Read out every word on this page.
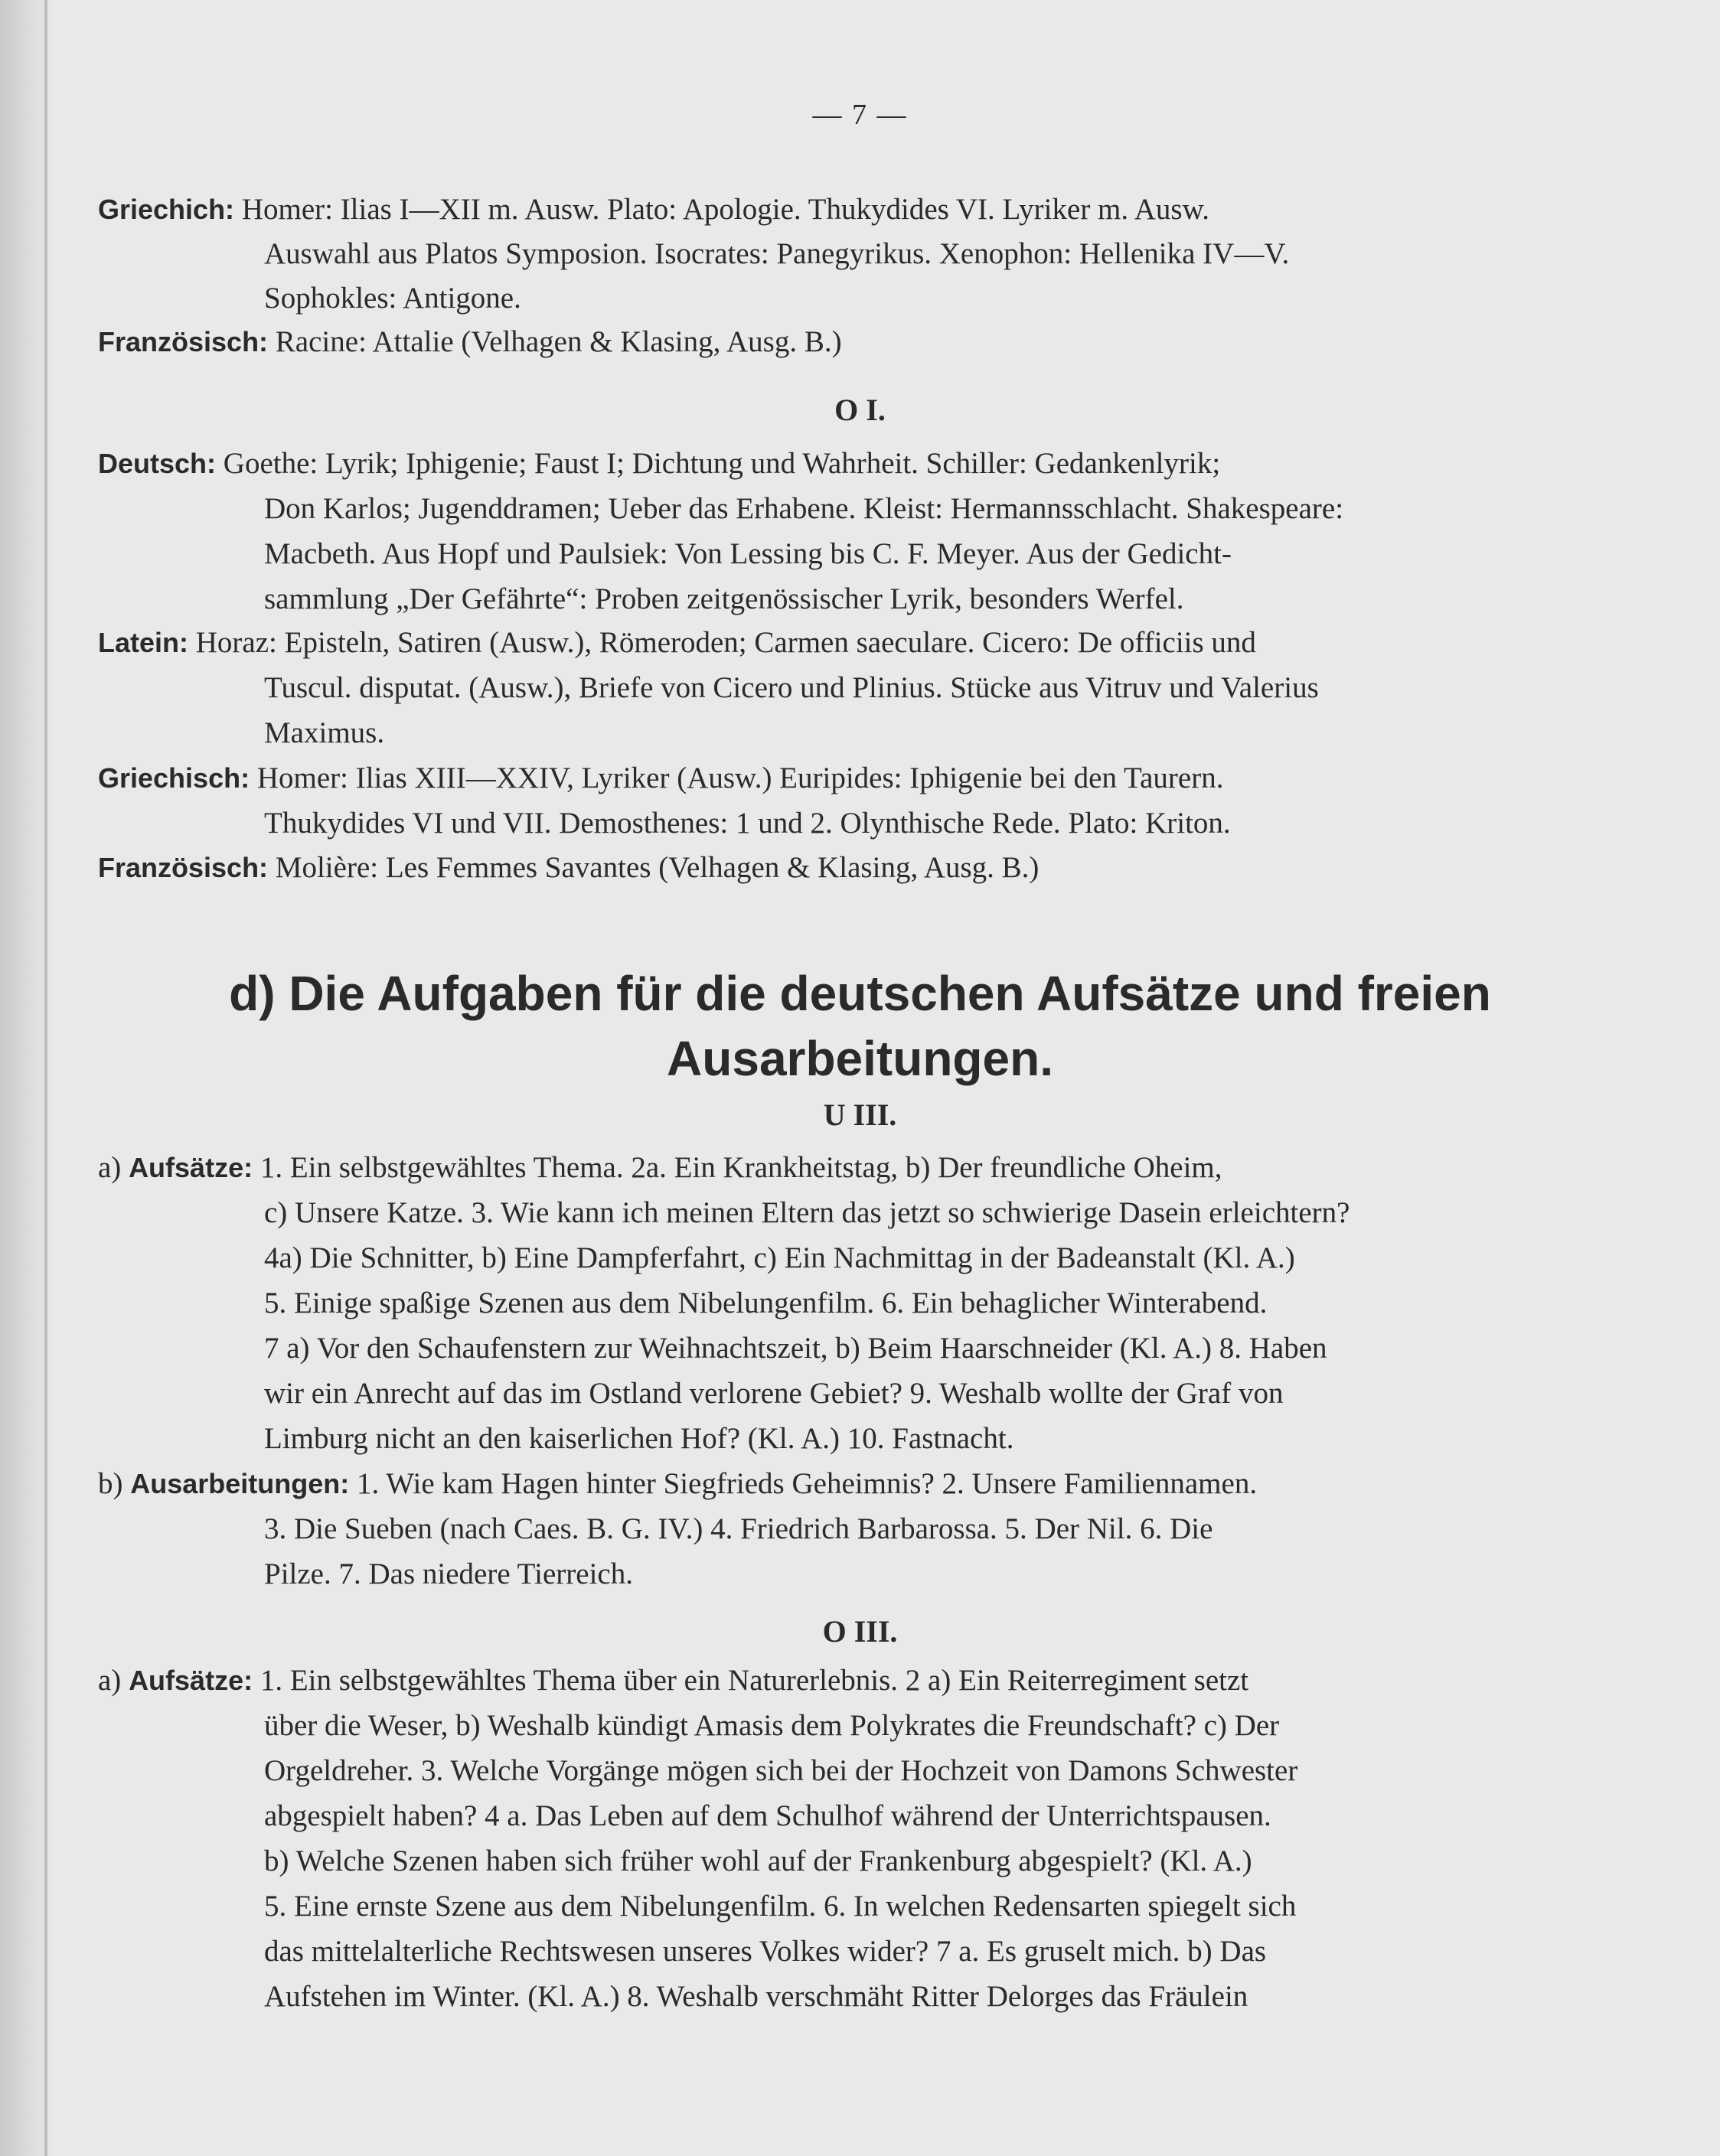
— 7 —
Griechich: Homer: Ilias I—XII m. Ausw. Plato: Apologie. Thukydides VI. Lyriker m. Ausw.
Auswahl aus Platos Symposion. Isocrates: Panegyrikus. Xenophon: Hellenika IV—V.
Sophokles: Antigone.
Französisch: Racine: Attalie (Velhagen & Klasing, Ausg. B.)
O I.
Deutsch: Goethe: Lyrik; Iphigenie; Faust I; Dichtung und Wahrheit. Schiller: Gedankenlyrik;
Don Karlos; Jugenddramen; Ueber das Erhabene. Kleist: Hermannsschlacht. Shakespeare:
Macbeth. Aus Hopf und Paulsiek: Von Lessing bis C. F. Meyer. Aus der Gedicht-
sammlung „Der Gefährte“: Proben zeitgenössischer Lyrik, besonders Werfel.
Latein: Horaz: Episteln, Satiren (Ausw.), Römeroden; Carmen saeculare. Cicero: De officiis und
Tuscul. disputat. (Ausw.), Briefe von Cicero und Plinius. Stücke aus Vitruv und Valerius
Maximus.
Griechisch: Homer: Ilias XIII—XXIV, Lyriker (Ausw.) Euripides: Iphigenie bei den Taurern.
Thukydides VI und VII. Demosthenes: 1 und 2. Olynthische Rede. Plato: Kriton.
Französisch: Molière: Les Femmes Savantes (Velhagen & Klasing, Ausg. B.)
d) Die Aufgaben für die deutschen Aufsätze und freien
Ausarbeitungen.
U III.
a) Aufsätze: 1. Ein selbstgewähltes Thema. 2a. Ein Krankheitstag, b) Der freundliche Oheim,
c) Unsere Katze. 3. Wie kann ich meinen Eltern das jetzt so schwierige Dasein erleichtern?
4a) Die Schnitter, b) Eine Dampferfahrt, c) Ein Nachmittag in der Badeanstalt (Kl. A.)
5. Einige spaßige Szenen aus dem Nibelungenfilm. 6. Ein behaglicher Winterabend.
7 a) Vor den Schaufenstern zur Weihnachtszeit, b) Beim Haarschneider (Kl. A.) 8. Haben
wir ein Anrecht auf das im Ostland verlorene Gebiet? 9. Weshalb wollte der Graf von
Limburg nicht an den kaiserlichen Hof? (Kl. A.) 10. Fastnacht.
b) Ausarbeitungen: 1. Wie kam Hagen hinter Siegfrieds Geheimnis? 2. Unsere Familiennamen.
3. Die Sueben (nach Caes. B. G. IV.) 4. Friedrich Barbarossa. 5. Der Nil. 6. Die
Pilze. 7. Das niedere Tierreich.
O III.
a) Aufsätze: 1. Ein selbstgewähltes Thema über ein Naturerlebnis. 2 a) Ein Reiterregiment setzt
über die Weser, b) Weshalb kündigt Amasis dem Polykrates die Freundschaft? c) Der
Orgeldreher. 3. Welche Vorgänge mögen sich bei der Hochzeit von Damons Schwester
abgespielt haben? 4 a. Das Leben auf dem Schulhof während der Unterrichtspausen.
b) Welche Szenen haben sich früher wohl auf der Frankenburg abgespielt? (Kl. A.)
5. Eine ernste Szene aus dem Nibelungenfilm. 6. In welchen Redensarten spiegelt sich
das mittelalterliche Rechtswesen unseres Volkes wider? 7 a. Es gruselt mich. b) Das
Aufstehen im Winter. (Kl. A.) 8. Weshalb verschmäht Ritter Delorges das Fräulein
